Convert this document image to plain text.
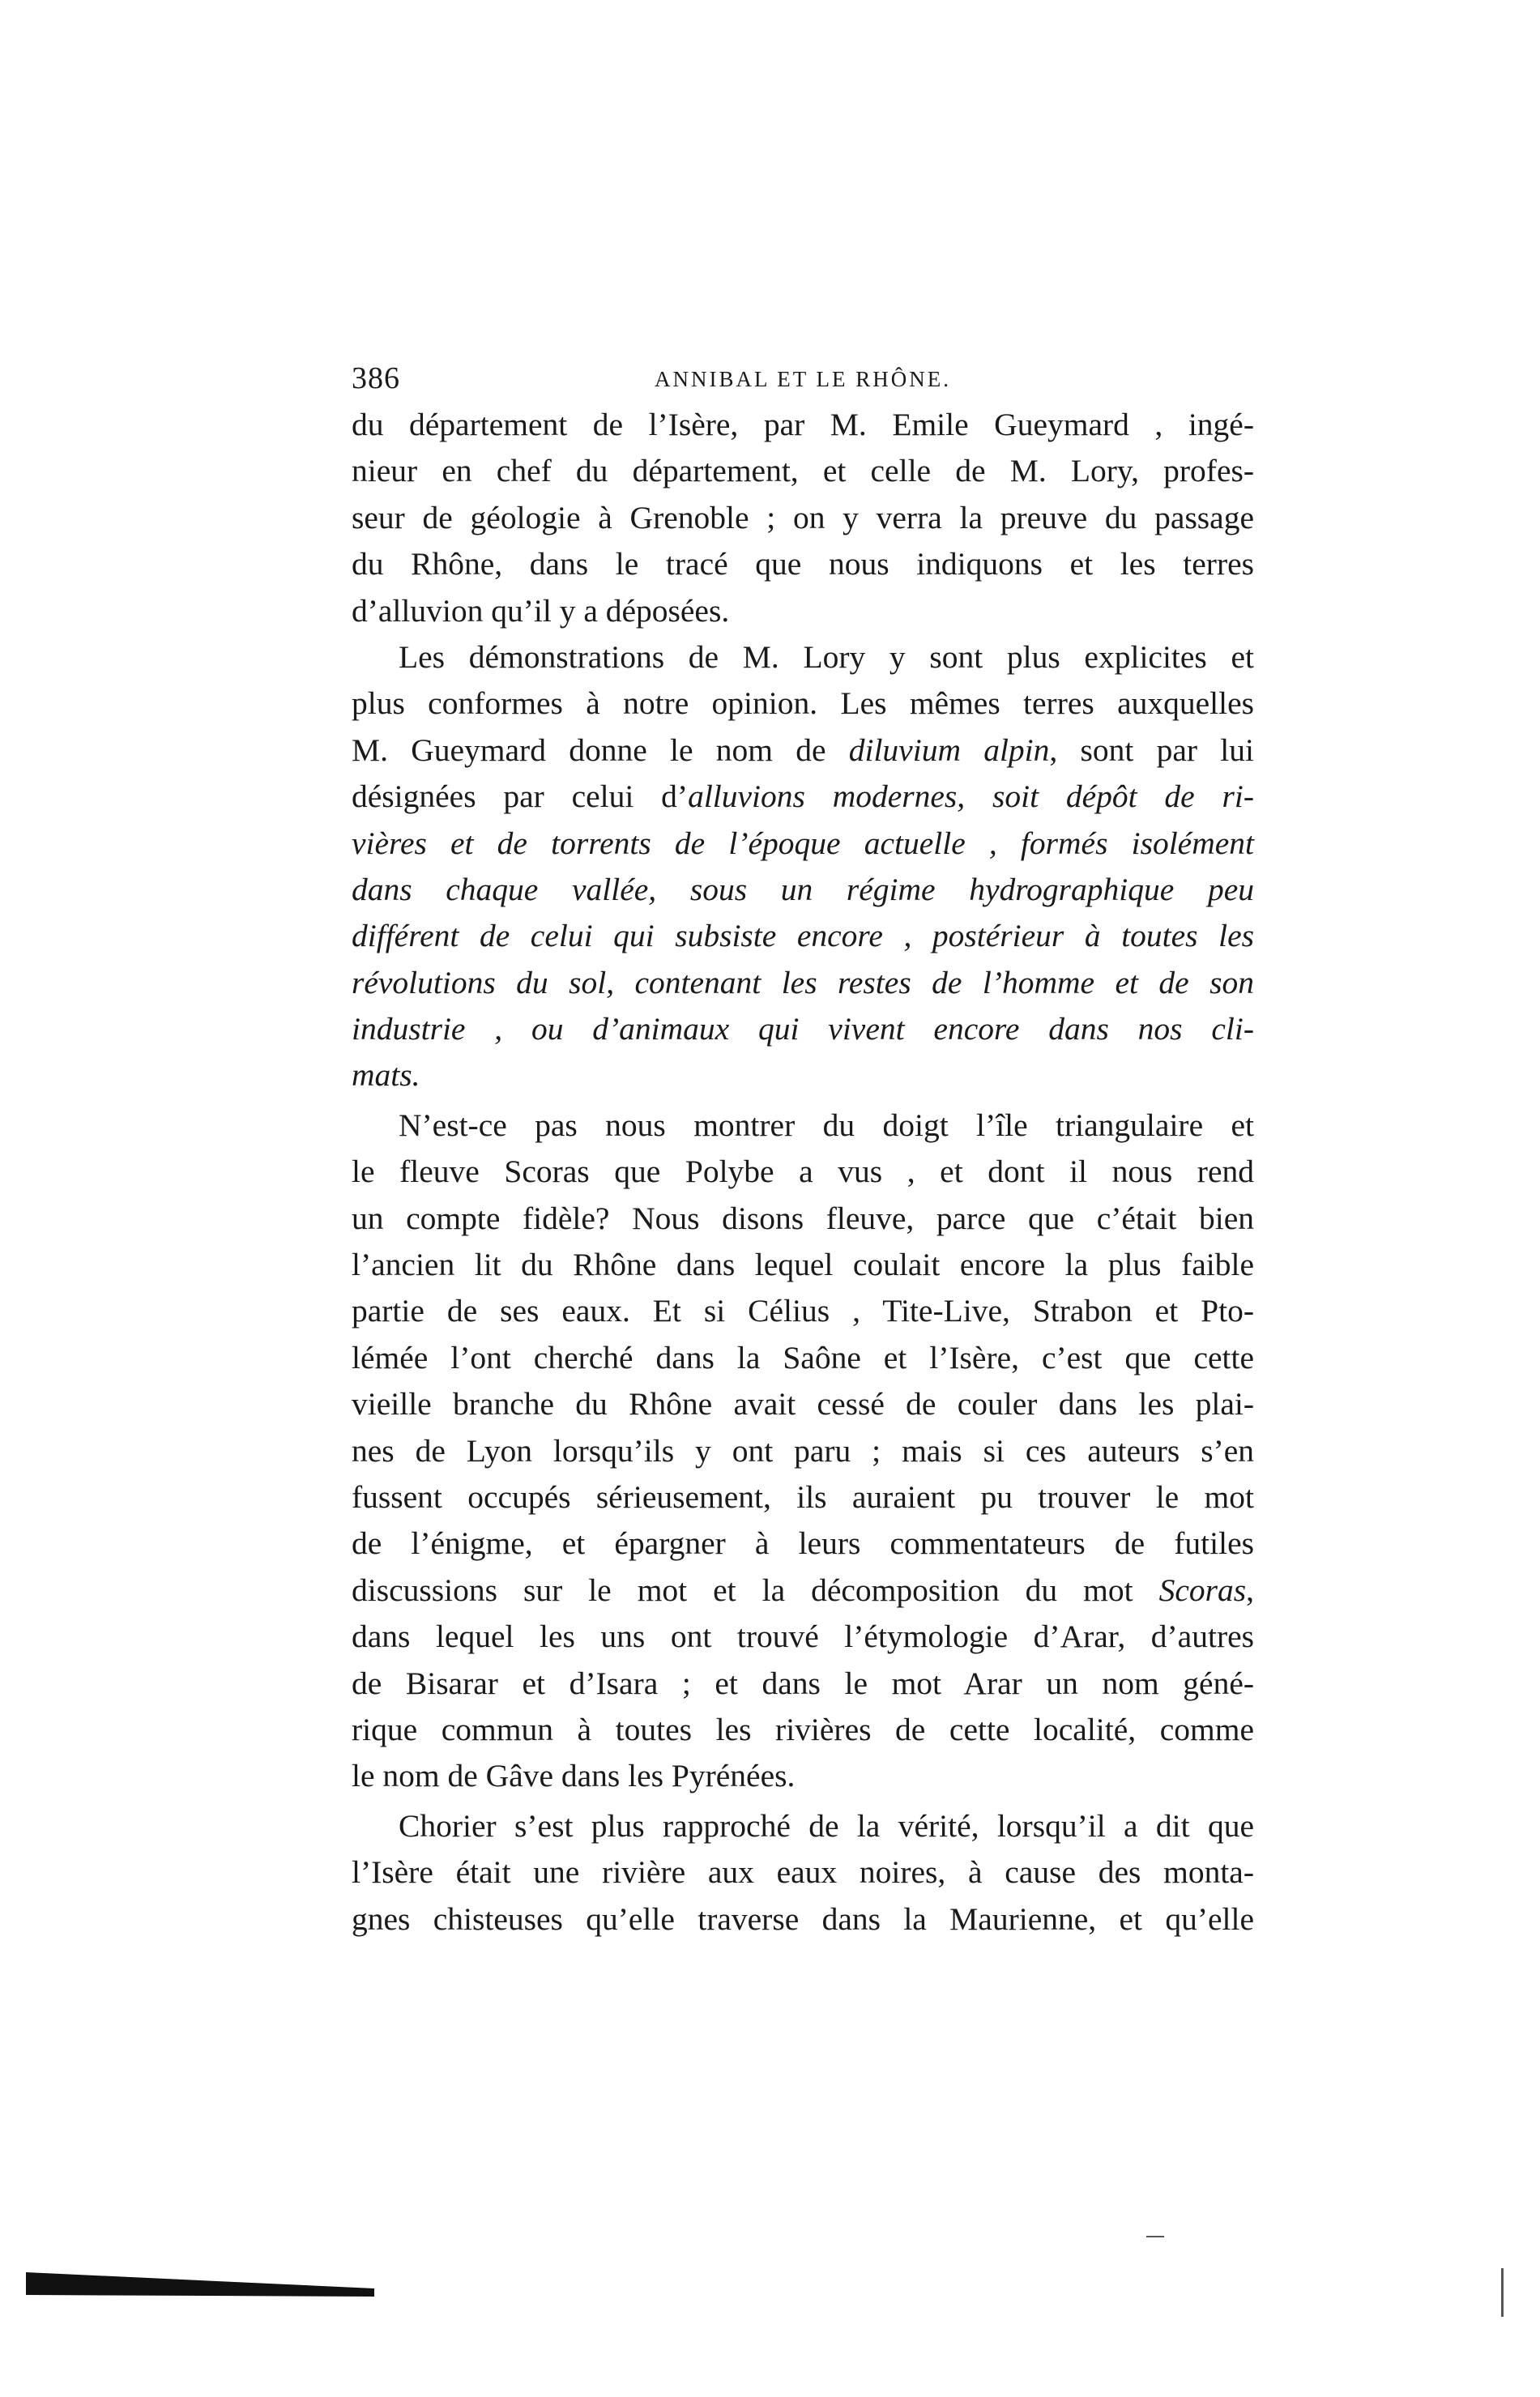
386	ANNIBAL ET LE RHÔNE.
du département de l’Isère, par M. Emile Gueymard , ingé-
nieur en chef du département, et celle de M. Lory, profes-
seur de géologie à Grenoble ; on y verra la preuve du passage
du Rhône, dans le tracé que nous indiquons et les terres
d’alluvion qu’il y a déposées.
Les démonstrations de M. Lory y sont plus explicites et
plus conformes à notre opinion. Les mêmes terres auxquelles
M. Gueymard donne le nom de diluvium alpin, sont par lui
désignées par celui d’alluvions modernes, soit dépôt de ri-
vières et de torrents de l’époque actuelle , formés isolément
dans chaque vallée, sous un régime hydrographique peu
différent de celui qui subsiste encore , postérieur à toutes les
révolutions du sol, contenant les restes de l’homme et de son
industrie , ou d’animaux qui vivent encore dans nos cli-
mats.
N’est-ce pas nous montrer du doigt l’île triangulaire et
le fleuve Scoras que Polybe a vus , et dont il nous rend
un compte fidèle? Nous disons fleuve, parce que c’était bien
l’ancien lit du Rhône dans lequel coulait encore la plus faible
partie de ses eaux. Et si Célius , Tite-Live, Strabon et Pto-
lémée l’ont cherché dans la Saône et l’Isère, c’est que cette
vieille branche du Rhône avait cessé de couler dans les plai-
nes de Lyon lorsqu’ils y ont paru ; mais si ces auteurs s’en
fussent occupés sérieusement, ils auraient pu trouver le mot
de l’énigme, et épargner à leurs commentateurs de futiles
discussions sur le mot et la décomposition du mot Scoras,
dans lequel les uns ont trouvé l’étymologie d’Arar, d’autres
de Bisarar et d’Isara ; et dans le mot Arar un nom géné-
rique commun à toutes les rivières de cette localité, comme
le nom de Gâve dans les Pyrénées.
Chorier s’est plus rapproché de la vérité, lorsqu’il a dit que
l’Isère était une rivière aux eaux noires, à cause des monta-
gnes chisteuses qu’elle traverse dans la Maurienne, et qu’elle
